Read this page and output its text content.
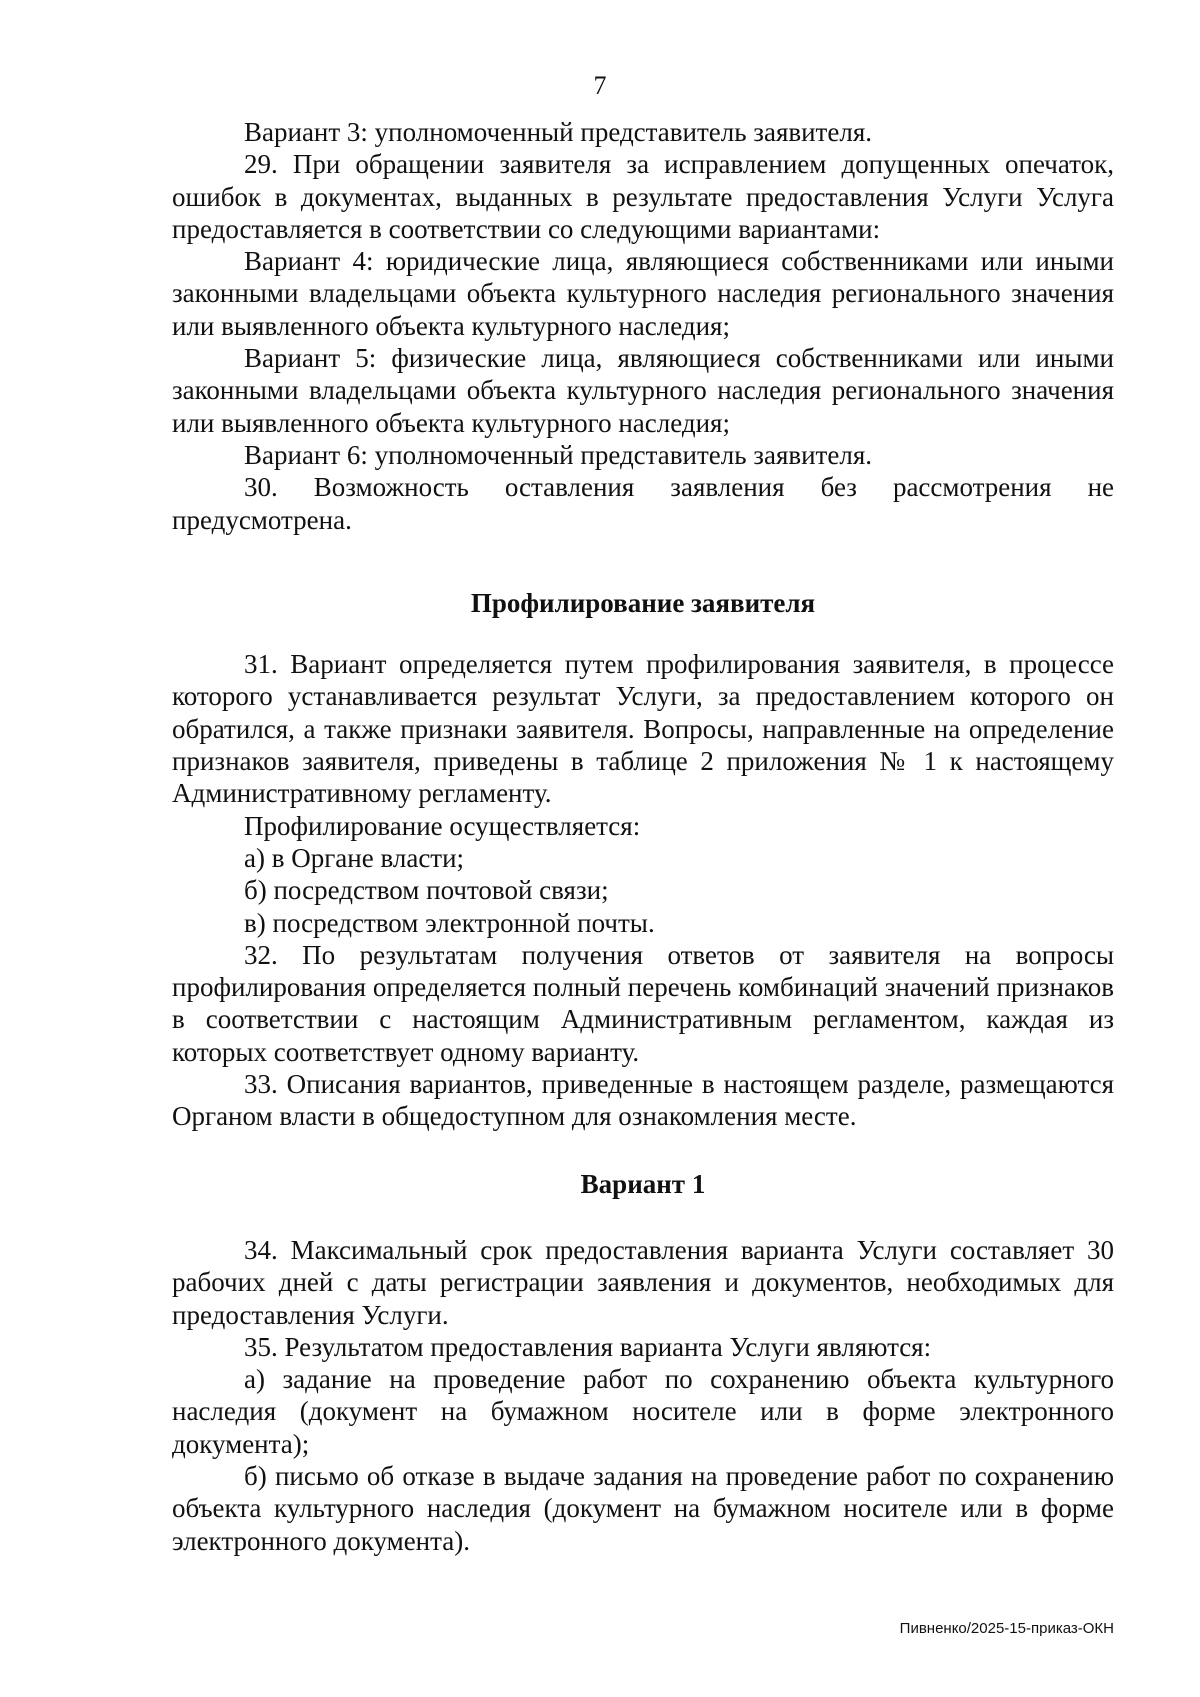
7

Вариант 3: уполномоченный представитель заявителя.

29. При обращении заявителя за исправлением допущенных опечаток, ошибок в документах, выданных в результате предоставления Услуги Услуга предоставляется в соответствии со следующими вариантами:

Вариант 4: юридические лица, являющиеся собственниками или иными законными владельцами объекта культурного наследия регионального значения или выявленного объекта культурного наследия;

Вариант 5: физические лица, являющиеся собственниками или иными законными владельцами объекта культурного наследия регионального значения или выявленного объекта культурного наследия;

Вариант 6: уполномоченный представитель заявителя.

30. Возможность оставления заявления без рассмотрения не предусмотрена.

Профилирование заявителя

31. Вариант определяется путем профилирования заявителя, в процессе которого устанавливается результат Услуги, за предоставлением которого он обратился, а также признаки заявителя. Вопросы, направленные на определение признаков заявителя, приведены в таблице 2 приложения № 1 к настоящему Административному регламенту.

Профилирование осуществляется:

а) в Органе власти;

б) посредством почтовой связи;

в) посредством электронной почты.

32. По результатам получения ответов от заявителя на вопросы профилирования определяется полный перечень комбинаций значений признаков в соответствии с настоящим Административным регламентом, каждая из которых соответствует одному варианту.

33. Описания вариантов, приведенные в настоящем разделе, размещаются Органом власти в общедоступном для ознакомления месте.

Вариант 1

34. Максимальный срок предоставления варианта Услуги составляет 30 рабочих дней с даты регистрации заявления и документов, необходимых для предоставления Услуги.

35. Результатом предоставления варианта Услуги являются:

а) задание на проведение работ по сохранению объекта культурного наследия (документ на бумажном носителе или в форме электронного документа);

б) письмо об отказе в выдаче задания на проведение работ по сохранению объекта культурного наследия (документ на бумажном носителе или в форме электронного документа).

Пивненко/2025-15-приказ-ОКН
